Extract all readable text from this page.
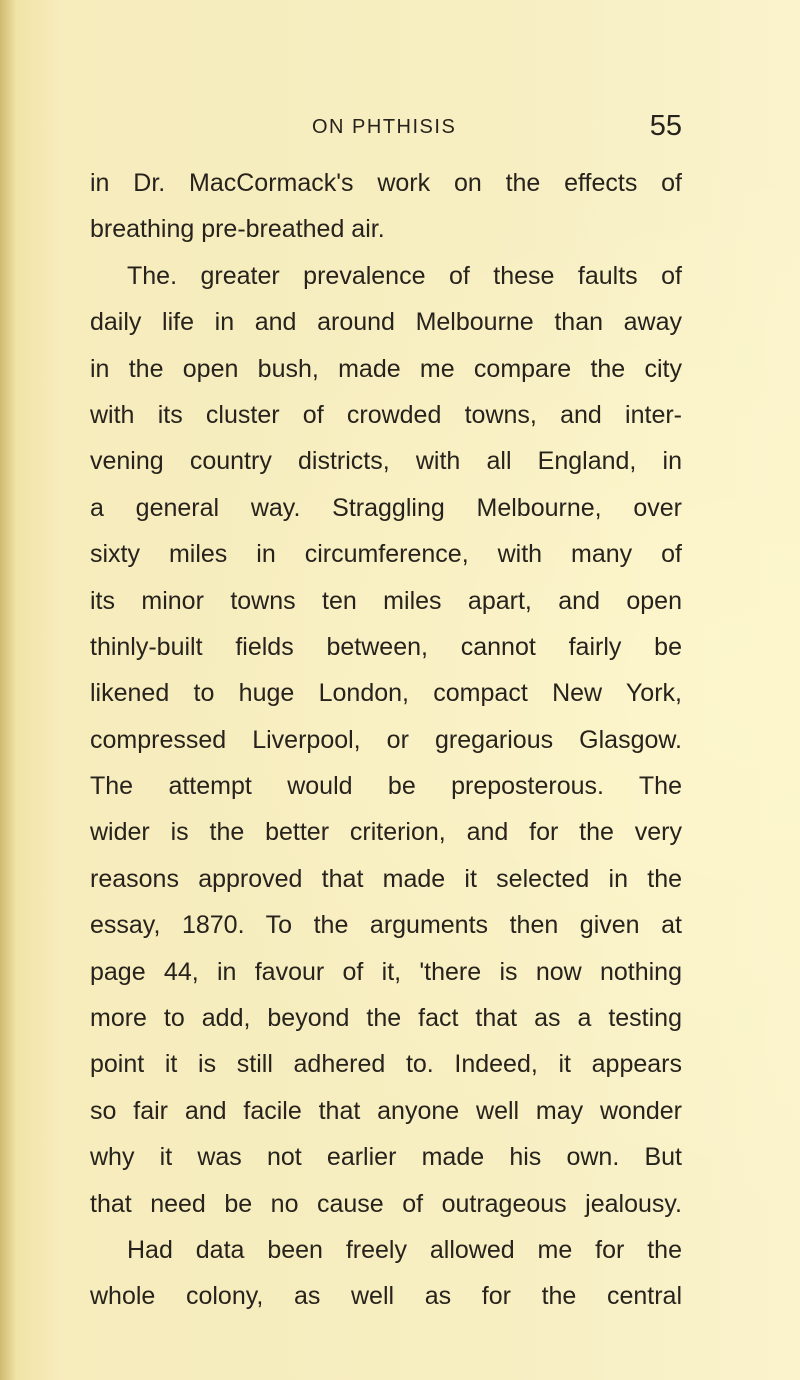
ON PHTHISIS	55
in Dr. MacCormack's work on the effects of
breathing pre-breathed air.
The. greater prevalence of these faults of
daily life in and around Melbourne than away
in the open bush, made me compare the city
with its cluster of crowded towns, and inter-
vening country districts, with all England, in
a general way. Straggling Melbourne, over
sixty miles in circumference, with many of
its minor towns ten miles apart, and open
thinly-built fields between, cannot fairly be
likened to huge London, compact New York,
compressed Liverpool, or gregarious Glasgow.
The attempt would be preposterous. The
wider is the better criterion, and for the very
reasons approved that made it selected in the
essay, 1870. To the arguments then given at
page 44, in favour of it, 'there is now nothing
more to add, beyond the fact that as a testing
point it is still adhered to. Indeed, it appears
so fair and facile that anyone well may wonder
why it was not earlier made his own. But
that need be no cause of outrageous jealousy.
Had data been freely allowed me for the
whole colony, as well as for the central
